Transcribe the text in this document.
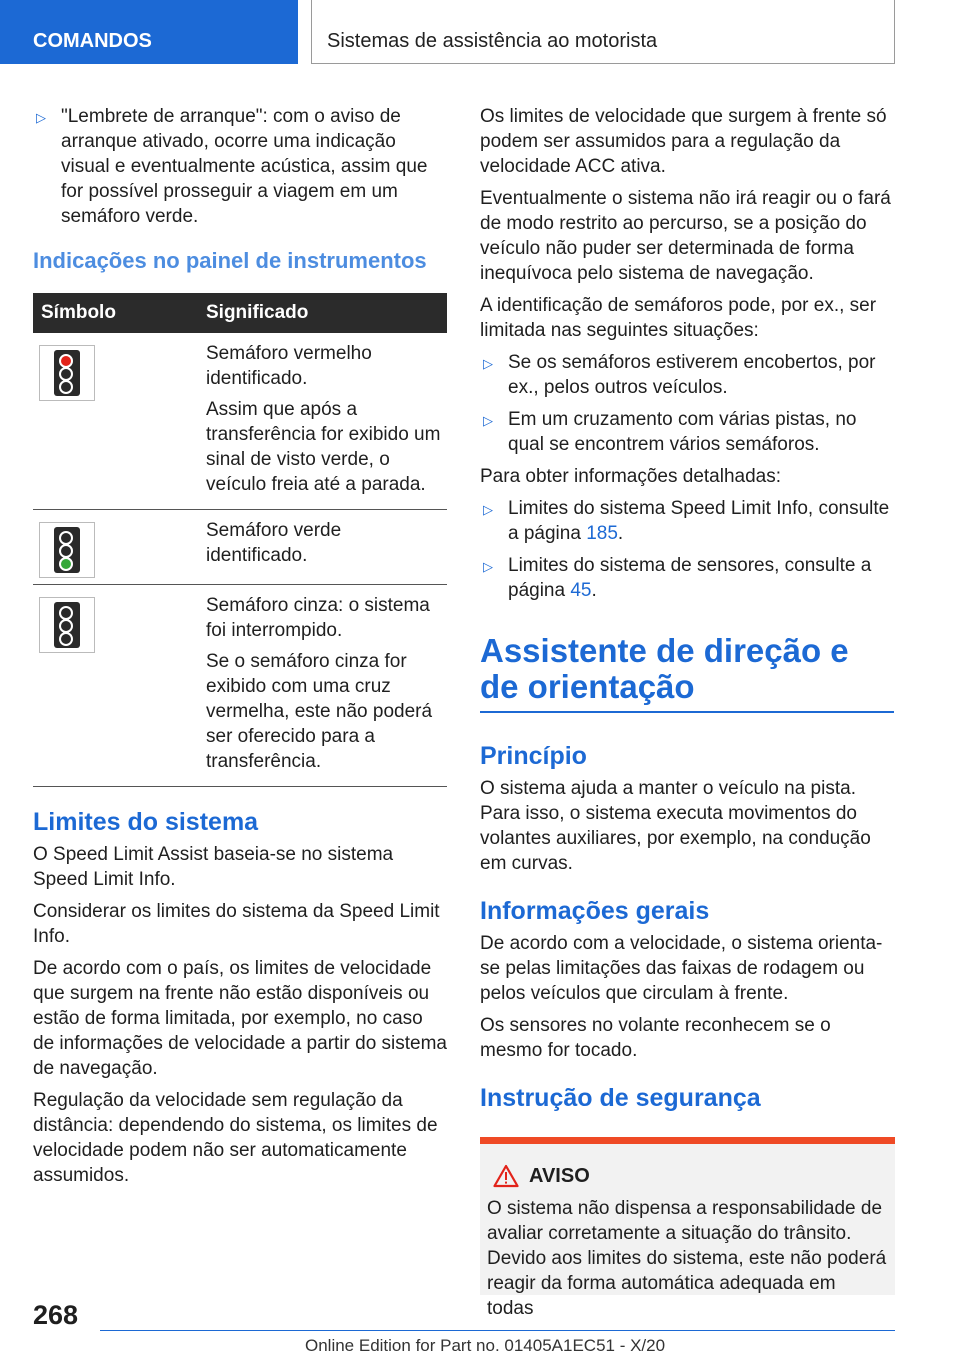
COMANDOS	Sistemas de assistência ao motorista
▷ "Lembrete de arranque": com o aviso de arranque ativado, ocorre uma indicação visual e eventualmente acústica, assim que for possível prosseguir a viagem em um semáforo verde.
Indicações no painel de instrumentos
Símbolo	Significado

	Semáforo vermelho identificado.

Assim que após a transferência for exibido um sinal de visto verde, o veículo freia até a parada.

	Semáforo verde identificado.

	Semáforo cinza: o sistema foi interrompido.

Se o semáforo cinza for exibido com uma cruz vermelha, este não poderá ser oferecido para a transferência.

Limites do sistema

O Speed Limit Assist baseia-se no sistema Speed Limit Info.

Considerar os limites do sistema da Speed Limit Info.

De acordo com o país, os limites de velocidade que surgem na frente não estão disponíveis ou estão de forma limitada, por exemplo, no caso de informações de velocidade a partir do sistema de navegação.

Regulação da velocidade sem regulação da distância: dependendo do sistema, os limites de velocidade podem não ser automaticamente assumidos.

Os limites de velocidade que surgem à frente só podem ser assumidos para a regulação da velocidade ACC ativa.

Eventualmente o sistema não irá reagir ou o fará de modo restrito ao percurso, se a posição do veículo não puder ser determinada de forma inequívoca pelo sistema de navegação.

A identificação de semáforos pode, por ex., ser limitada nas seguintes situações:

▷ Se os semáforos estiverem encobertos, por ex., pelos outros veículos.
▷ Em um cruzamento com várias pistas, no qual se encontrem vários semáforos.

Para obter informações detalhadas:

▷ Limites do sistema Speed Limit Info, consulte a página 185.
▷ Limites do sistema de sensores, consulte a página 45.
Assistente de direção e de orientação
Princípio

O sistema ajuda a manter o veículo na pista. Para isso, o sistema executa movimentos do volantes auxiliares, por exemplo, na condução em curvas.

Informações gerais

De acordo com a velocidade, o sistema orienta-se pelas limitações das faixas de rodagem ou pelos veículos que circulam à frente.

Os sensores no volante reconhecem se o mesmo for tocado.

Instrução de segurança
AVISO

O sistema não dispensa a responsabilidade de avaliar corretamente a situação do trânsito. Devido aos limites do sistema, este não poderá reagir da forma automática adequada em todas

268
Online Edition for Part no. 01405A1EC51 - X/20
